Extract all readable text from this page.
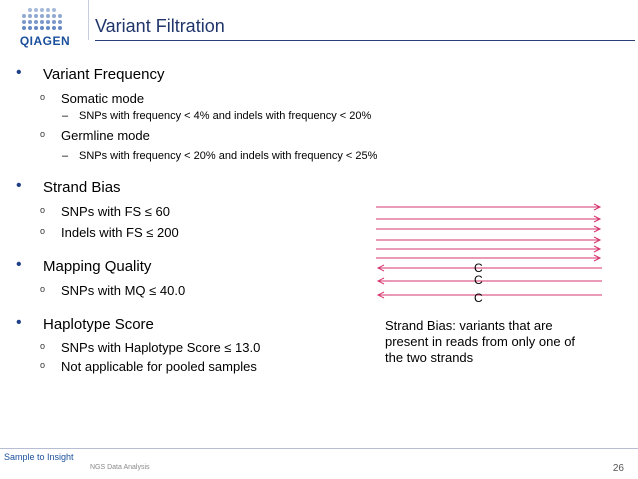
QIAGEN
Variant Filtration
• Variant Frequency
o Somatic mode
– SNPs with frequency < 4% and indels with frequency < 20%
o Germline mode
– SNPs with frequency < 20% and indels with frequency < 25%
• Strand Bias
o SNPs with FS ≤ 60
o Indels with FS ≤ 200
• Mapping Quality
o SNPs with MQ ≤ 40.0
• Haplotype Score
o SNPs with Haplotype Score ≤ 13.0
o Not applicable for pooled samples
C
C
C
Strand Bias: variants that are
present in reads from only one of
the two strands
Sample to Insight
NGS Data Analysis	26
